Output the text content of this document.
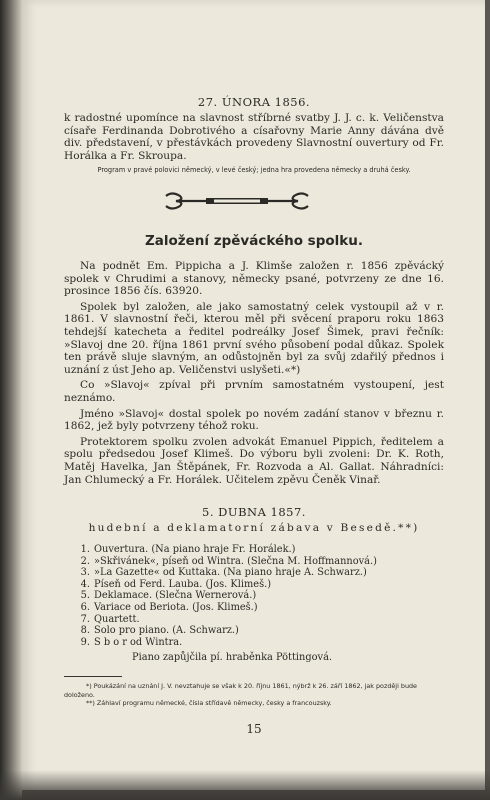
27. ÚNORA 1856.
k radostné upomínce na slavnost stříbrné svatby J. J. c. k. Veličenstva císaře Ferdinanda Dobrotivého a císařovny Marie Anny dávána dvě div. představení, v přestávkách provedeny Slavnostní ouvertury od Fr. Horálka a Fr. Skroupa.
Program v pravé polovici německý, v levé český; jedna hra provedena německy a druhá česky.
Založení zpěváckého spolku.

Na podnět Em. Pippicha a J. Klimše založen r. 1856 zpěvácký spolek v Chrudimi a stanovy, německy psané, potvrzeny ze dne 16. prosince 1856 čís. 63920.

Spolek byl založen, ale jako samostatný celek vystoupil až v r. 1861. V slavnostní řeči, kterou měl při svěcení praporu roku 1863 tehdejší katecheta a ředitel podreálky Josef Šimek, pravi řečník: »Slavoj dne 20. října 1861 první svého působení podal důkaz. Spolek ten právě sluje slavným, an odůstojněn byl za svůj zdařilý přednos i uznání z úst Jeho ap. Veličenstvi uslyšeti.«*)

Co »Slavoj« zpíval při prvním samostatném vystoupení, jest neznámo.

Jméno »Slavoj« dostal spolek po novém zadání stanov v březnu r. 1862, jež byly potvrzeny téhož roku.

Protektorem spolku zvolen advokát Emanuel Pippich, ředitelem a spolu předsedou Josef Klimeš. Do výboru byli zvoleni: Dr. K. Roth, Matěj Havelka, Jan Štěpánek, Fr. Rozvoda a Al. Gallat. Náhradníci: Jan Chlumecký a Fr. Horálek. Učitelem zpěvu Čeněk Vinař.

5. DUBNA 1857.
hudební a deklamatorní zábava v Besedě.**)
1. Ouvertura. (Na piano hraje Fr. Horálek.)
2. »Skřivánek«, píseň od Wintra. (Slečna M. Hoffmannová.)
3. »La Gazette« od Kuttaka. (Na piano hraje A. Schwarz.)
4. Píseň od Ferd. Lauba. (Jos. Klimeš.)
5. Deklamace. (Slečna Wernerová.)
6. Variace od Beriota. (Jos. Klimeš.)
7. Quartett.
8. Solo pro piano. (A. Schwarz.)
9. S b o r od Wintra.
Piano zapůjčila pí. hraběnka Pöttingová.
*) Poukázání na uznání J. V. nevztahuje se však k 20. říjnu 1861, nýbrž k 26. září 1862, jak později bude doloženo.
**) Záhlaví programu německé, čísla střídavě německy, česky a francouzsky.
15
